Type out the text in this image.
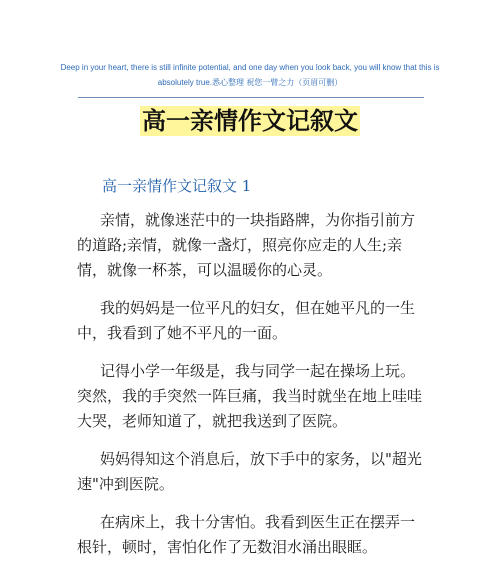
Deep in your heart, there is still infinite potential, and one day when you look back, you will know that this is absolutely true.悉心整理 祝您一臂之力（页眉可删）
高一亲情作文记叙文
高一亲情作文记叙文 1

亲情，就像迷茫中的一块指路牌，为你指引前方的道路;亲情，就像一盏灯，照亮你应走的人生;亲情，就像一杯茶，可以温暖你的心灵。

我的妈妈是一位平凡的妇女，但在她平凡的一生中，我看到了她不平凡的一面。

记得小学一年级是，我与同学一起在操场上玩。突然，我的手突然一阵巨痛，我当时就坐在地上哇哇大哭，老师知道了，就把我送到了医院。

妈妈得知这个消息后，放下手中的家务，以"超光速"冲到医院。

在病床上，我十分害怕。我看到医生正在摆弄一根针，顿时，害怕化作了无数泪水涌出眼眶。
